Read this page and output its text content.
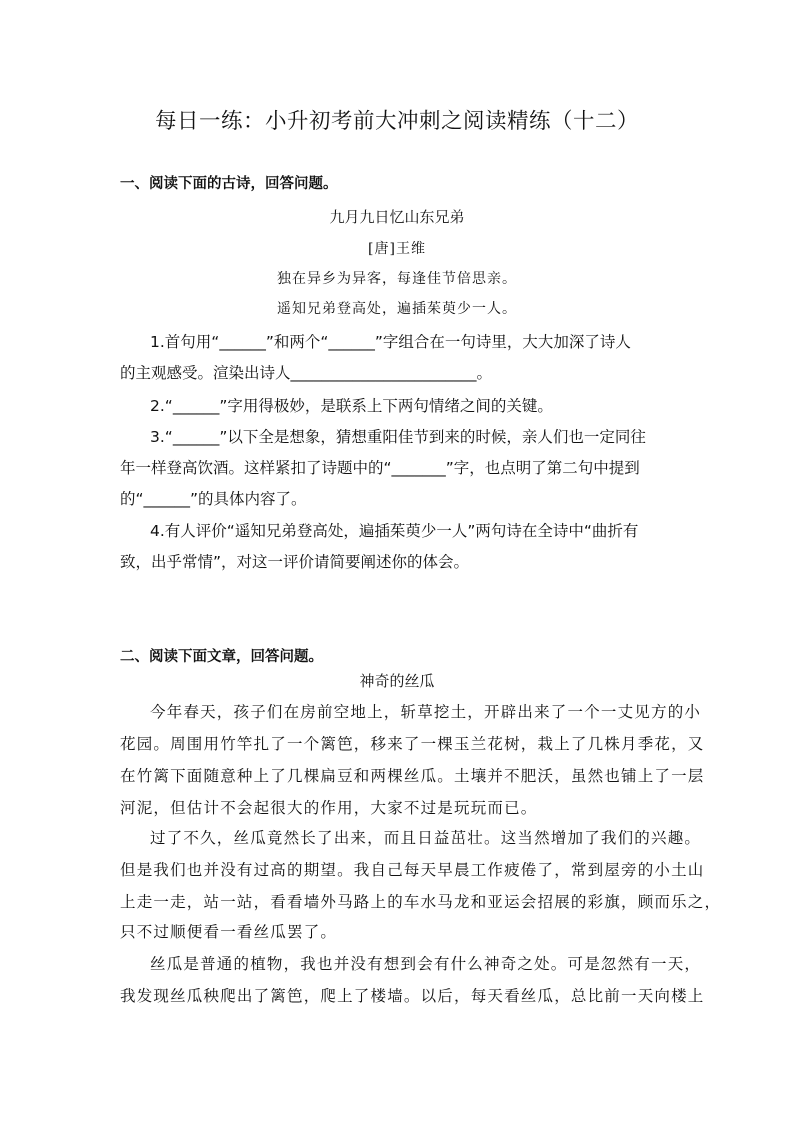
每日一练：小升初考前大冲刺之阅读精练（十二）
一、阅读下面的古诗，回答问题。
九月九日忆山东兄弟
[唐]王维
独在异乡为异客，每逢佳节倍思亲。
遥知兄弟登高处，遍插茱萸少一人。
1.首句用“______”和两个“______”字组合在一句诗里，大大加深了诗人
的主观感受。渲染出诗人________________________。
2.“______”字用得极妙，是联系上下两句情绪之间的关键。
3.“______”以下全是想象，猜想重阳佳节到来的时候，亲人们也一定同往
年一样登高饮酒。这样紧扣了诗题中的“_______”字，也点明了第二句中提到
的“______”的具体内容了。
4.有人评价“遥知兄弟登高处，遍插茱萸少一人”两句诗在全诗中“曲折有
致，出乎常情”，对这一评价请简要阐述你的体会。
二、阅读下面文章，回答问题。
神奇的丝瓜
今年春天，孩子们在房前空地上，斩草挖土，开辟出来了一个一丈见方的小
花园。周围用竹竿扎了一个篱笆，移来了一棵玉兰花树，栽上了几株月季花，又
在竹篱下面随意种上了几棵扁豆和两棵丝瓜。土壤并不肥沃，虽然也铺上了一层
河泥，但估计不会起很大的作用，大家不过是玩玩而已。
过了不久，丝瓜竟然长了出来，而且日益茁壮。这当然增加了我们的兴趣。
但是我们也并没有过高的期望。我自己每天早晨工作疲倦了，常到屋旁的小土山
上走一走，站一站，看看墙外马路上的车水马龙和亚运会招展的彩旗，顾而乐之，
只不过顺便看一看丝瓜罢了。
丝瓜是普通的植物，我也并没有想到会有什么神奇之处。可是忽然有一天，
我发现丝瓜秧爬出了篱笆，爬上了楼墙。以后，每天看丝瓜，总比前一天向楼上
